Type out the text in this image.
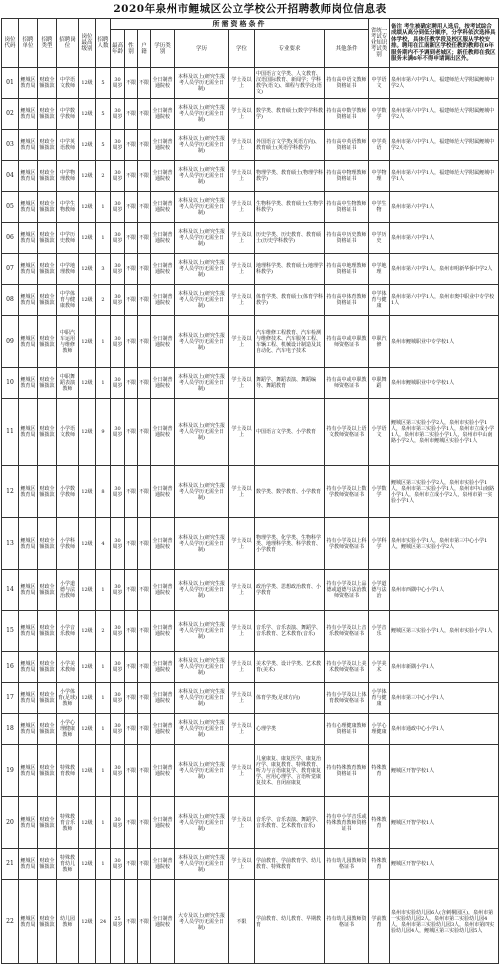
2020年泉州市鲤城区公立学校公开招聘教师岗位信息表
岗位代码	招聘单位	招聘类型	招聘岗位	岗位最高级别	招聘人数	所需资格条件								省统一考试专业知识考试类别	备注 考生被确定聘用人选后，按考试综合成绩从高分到低分顺序，分学科依次选择具体学校，具体任教学段及校区服从学校安排。聘用在江南新区学校任教的教师在6年服务期内不予调到老城区；新任教师在我区服务未满6年不得申请调出区外。
						最高年龄	性别	户籍	学历类别	学历	学位	专业要求	其他条件		
01	鲤城区教育局	财政全额拨款	中学语文教师	12级	5	30周岁	不限	不限	全日制普通院校	本科及以上(研究生报考人员学历无需全日制)	学士及以上	中国语言文学类、人文教育、汉语国际教育、新闻学；学科教学(语文)、课程与教学论(语文)	持有高中语文教师资格证书	中学语文	泉州市第六中学1人，福建师范大学附属鲤城中学2人
02	鲤城区教育局	财政全额拨款	中学数学教师	12级	5	30周岁	不限	不限	全日制普通院校	本科及以上(研究生报考人员学历无需全日制)	学士及以上	数学类、教育硕士(数学学科教学)	持有高中数学教师资格证书	中学数学	泉州市第六中学1人，福建师范大学附属鲤城中学2人
03	鲤城区教育局	财政全额拨款	中学英语教师	12级	5	30周岁	不限	不限	全日制普通院校	本科及以上(研究生报考人员学历无需全日制)	学士及以上	外国语言文学类(英语方向)、教育硕士(英语学科教学)	持有高中英语教师资格证书	中学英语	泉州市第六中学1人，福建师范大学附属鲤城中学2人
04	鲤城区教育局	财政全额拨款	中学物理教师	12级	2	30周岁	不限	不限	全日制普通院校	本科及以上(研究生报考人员学历无需全日制)	学士及以上	物理学类、教育硕士(物理学科教学)	持有高中物理教师资格证书	中学物理	泉州市第六中学1人，福建师范大学附属鲤城中学1人
05	鲤城区教育局	财政全额拨款	中学生物教师	12级	1	30周岁	不限	不限	全日制普通院校	本科及以上(研究生报考人员学历无需全日制)	学士及以上	生物科学类、教育硕士(生物学科教学)	持有高中生物教师资格证书	中学生物	泉州市第六中学1人
06	鲤城区教育局	财政全额拨款	中学历史教师	12级	1	30周岁	不限	不限	全日制普通院校	本科及以上(研究生报考人员学历无需全日制)	学士及以上	历史学类、历史教育、教育硕士(历史学科教学)	持有高中历史教师资格证书	中学历史	泉州市第六中学1人
07	鲤城区教育局	财政全额拨款	中学地理教师	12级	3	30周岁	不限	不限	全日制普通院校	本科及以上(研究生报考人员学历无需全日制)	学士及以上	地理科学类、教育硕士(地理学科教学)	持有高中地理教师资格证书	中学地理	泉州市第六中学1人，泉州市明新华侨中学2人
08	鲤城区教育局	财政全额拨款	中学体育与健康教师	12级	2	30周岁	不限	不限	全日制普通院校	本科及以上(研究生报考人员学历无需全日制)	学士及以上	体育学类、教育硕士(体育学科教学)	持有高中体育教师资格证书	中学体育与健康	泉州市第六中学1人，泉州市奥中职业中专学校1人
09	鲤城区教育局	财政全额拨款	中职汽车运用与维修教师	12级	1	30周岁	不限	不限	全日制普通院校	本科及以上(研究生报考人员学历无需全日制)	学士及以上	汽车维修工程教育、汽车检测与维修技术、汽车服务工程、车辆工程、机械设计制造及其自动化、汽车电子技术	持有高中或中职教师资格证书	中职汽修	泉州市鲤城职业中专学校1人
10	鲤城区教育局	财政全额拨款	中职舞蹈表演教师	12级	1	30周岁	不限	不限	全日制普通院校	本科及以上(研究生报考人员学历无需全日制)	学士及以上	舞蹈学、舞蹈表演、舞蹈编导、舞蹈教育	持有高中或中职教师资格证书	中职舞蹈	泉州市鲤城职业中专学校1人
11	鲤城区教育局	财政全额拨款	小学语文教师	12级	9	30周岁	不限	不限	全日制普通院校	本科及以上(研究生报考人员学历无需全日制)	学士及以上	中国语言文学类、小学教育	持有小学及以上语文教师资格证书	小学语文	鲤城区第三实验小学2人，泉州市实验小学1人，泉州市第三实验小学1人，泉州市立成小学1人，泉州市第二实验小学1人，泉州市中山南路小学2人，泉州市鲤城区实验小学1人
12	鲤城区教育局	财政全额拨款	小学数学教师	12级	8	30周岁	不限	不限	全日制普通院校	本科及以上(研究生报考人员学历无需全日制)	学士及以上	数学类、数学教育、小学教育	持有小学及以上数学教师资格证书	小学数学	鲤城区第三实验小学2人，泉州市实验小学1人，泉州市第二实验小学1人，泉州市中山南路小学1人，泉州市立成小学2人，泉州市第一实验小学1人
13	鲤城区教育局	财政全额拨款	小学科学教师	12级	4	30周岁	不限	不限	全日制普通院校	本科及以上(研究生报考人员学历无需全日制)	学士及以上	物理学类、化学类、生物科学类、地理科学类、科学教育、小学教育	持有小学及以上科学教师资格证书	小学科学	泉州市实验小学1人，泉州市第三中心小学1人，鲤城区第三实验小学2人
14	鲤城区教育局	财政全额拨款	小学道德与法治教师	12级	1	30周岁	不限	不限	全日制普通院校	本科及以上(研究生报考人员学历无需全日制)	学士及以上	政治学类、思想政治教育、小学教育	持有小学及以上品德或道德与法治教师资格证书	小学道德与法治	泉州市西隅中心小学1人
15	鲤城区教育局	财政全额拨款	小学音乐教师	12级	2	30周岁	不限	不限	全日制普通院校	本科及以上(研究生报考人员学历无需全日制)	学士及以上	音乐学、音乐表演、舞蹈学、音乐教育、艺术教育(音乐)	持有小学及以上音乐教师资格证书	小学音乐	鲤城区第三实验小学1人，泉州市实验小学1人
16	鲤城区教育局	财政全额拨款	小学美术教师	12级	1	30周岁	不限	不限	全日制普通院校	本科及以上(研究生报考人员学历无需全日制)	学士及以上	美术学类、设计学类、艺术教育(美术)	持有小学及以上美术教师资格证书	小学美术	泉州市新隅小学1人
17	鲤城区教育局	财政全额拨款	小学体育(足球)教师	12级	1	30周岁	不限	不限	全日制普通院校	本科及以上(研究生报考人员学历无需全日制)	学士及以上	体育学类(足球方向)	持有小学及以上体育教师资格证书	小学体育与健康	泉州市第三中心小学1人
18	鲤城区教育局	财政全额拨款	小学心理健康教师	12级	1	30周岁	不限	不限	全日制普通院校	本科及以上(研究生报考人员学历无需全日制)	学士及以上	心理学类	持有心理健康教师资格证书	小学心理健康	泉州市通政中心小学1人
19	鲤城区教育局	财政全额拨款	特殊教育教师	12级	1	30周岁	不限	不限	全日制普通院校	本科及以上(研究生报考人员学历无需全日制)	学士及以上	儿童康复、康复医学、康复治疗学、康复教育、特殊教育、听力与言语康复学、教育康复学、应用心理学、言语听觉康复技术、自闭症康复	持有特殊教育教师资格证书	特殊教育	鲤城区开智学校1人
20	鲤城区教育局	财政全额拨款	特殊教育音乐教师	12级	1	30周岁	不限	不限	全日制普通院校	本科及以上(研究生报考人员学历无需全日制)	学士及以上	音乐学、音乐表演、舞蹈学、音乐教育、艺术教育(音乐)	持有中小学音乐或特殊教育教师资格证书	特殊教育	鲤城区开智学校1人
21	鲤城区教育局	财政全额拨款	特殊教育幼儿教师	12级	1	30周岁	不限	不限	全日制普通院校	本科及以上(研究生报考人员学历无需全日制)	学士及以上	学前教育、学前教育学、幼儿教育、特殊教育	持有幼儿园教师资格证书	特殊教育	鲤城区开智学校1人
22	鲤城区教育局	财政全额拨款	幼儿园教师	12级	24	25周岁	不限	不限	全日制普通院校	大专及以上(研究生报考人员学历无需全日制)	不限	学前教育、幼儿教育、早期教育	持有幼儿园教师资格证书	学前教育	泉州市实验幼儿园6人(含刺桐园区)，泉州市第一实验幼儿园2人，泉州市第二实验幼儿园4人，泉州市第三实验幼儿园3人，泉州市第四实验幼儿园4人，鲤城区第三实验幼儿园5人
